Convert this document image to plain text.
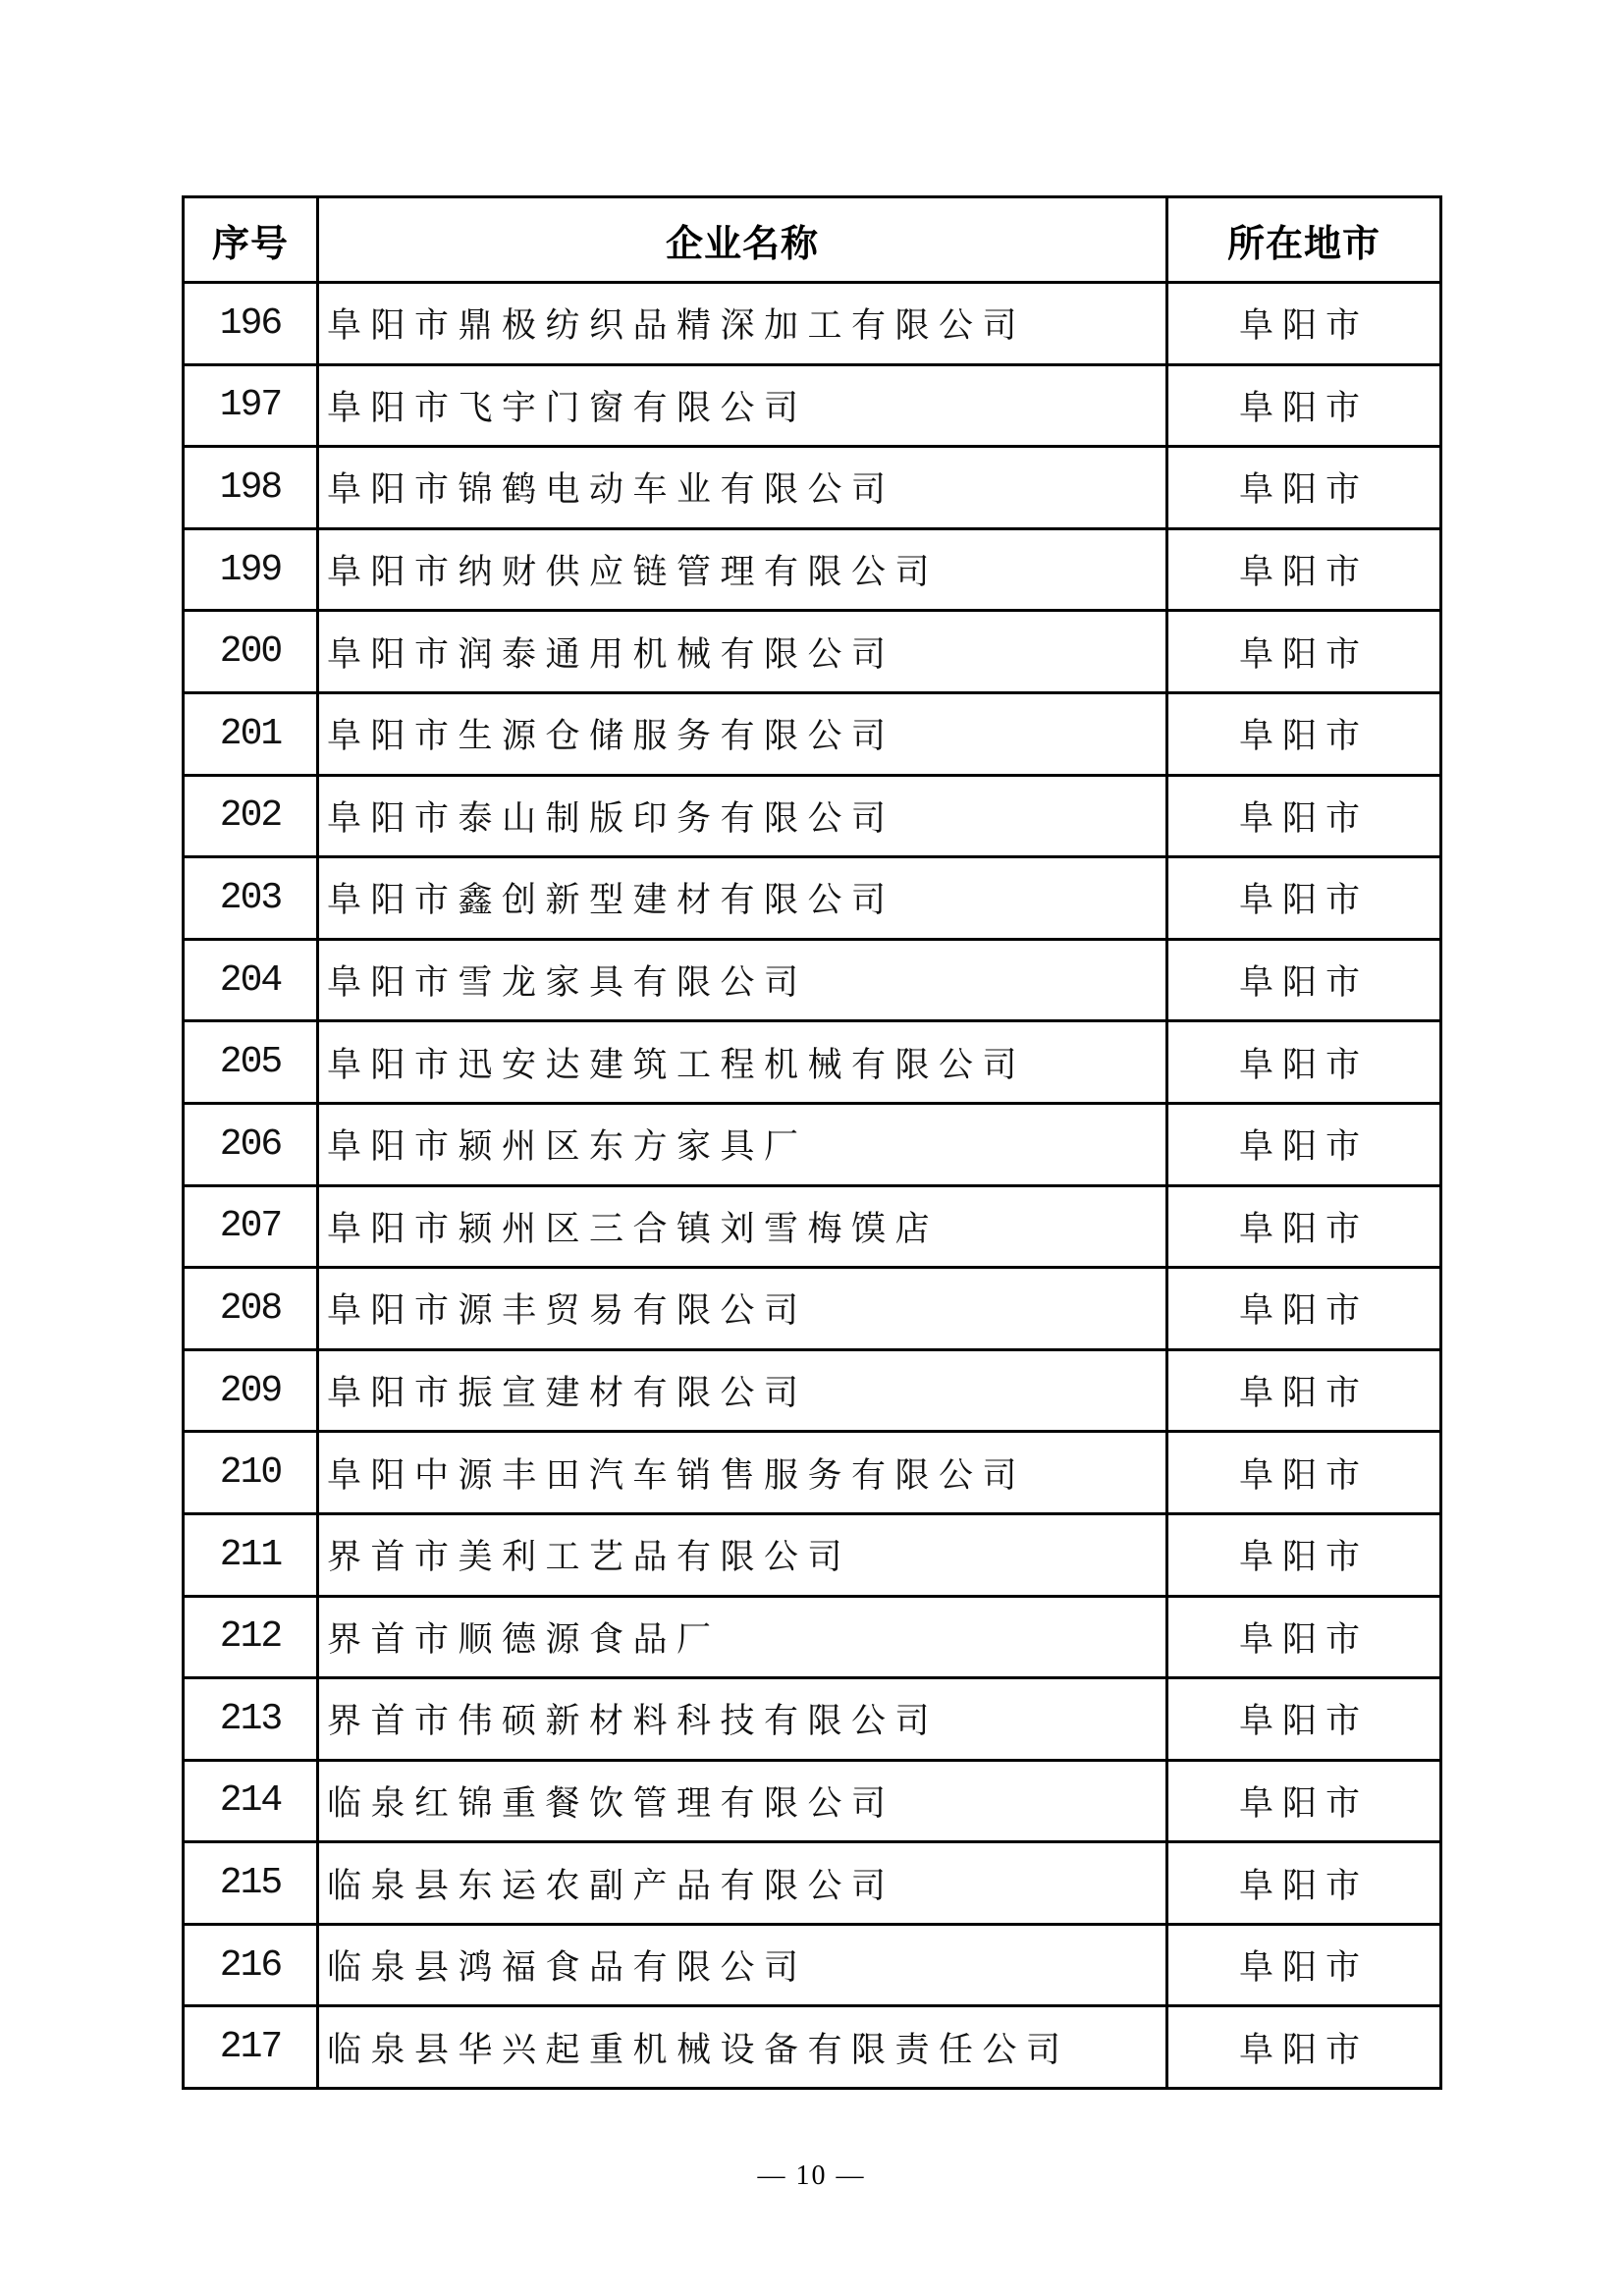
序号	企业名称	所在地市
196	阜阳市鼎极纺织品精深加工有限公司	阜阳市
197	阜阳市飞宇门窗有限公司	阜阳市
198	阜阳市锦鹤电动车业有限公司	阜阳市
199	阜阳市纳财供应链管理有限公司	阜阳市
200	阜阳市润泰通用机械有限公司	阜阳市
201	阜阳市生源仓储服务有限公司	阜阳市
202	阜阳市泰山制版印务有限公司	阜阳市
203	阜阳市鑫创新型建材有限公司	阜阳市
204	阜阳市雪龙家具有限公司	阜阳市
205	阜阳市迅安达建筑工程机械有限公司	阜阳市
206	阜阳市颍州区东方家具厂	阜阳市
207	阜阳市颍州区三合镇刘雪梅馍店	阜阳市
208	阜阳市源丰贸易有限公司	阜阳市
209	阜阳市振宣建材有限公司	阜阳市
210	阜阳中源丰田汽车销售服务有限公司	阜阳市
211	界首市美利工艺品有限公司	阜阳市
212	界首市顺德源食品厂	阜阳市
213	界首市伟硕新材料科技有限公司	阜阳市
214	临泉红锦重餐饮管理有限公司	阜阳市
215	临泉县东运农副产品有限公司	阜阳市
216	临泉县鸿福食品有限公司	阜阳市
217	临泉县华兴起重机械设备有限责任公司	阜阳市
— 10 —
